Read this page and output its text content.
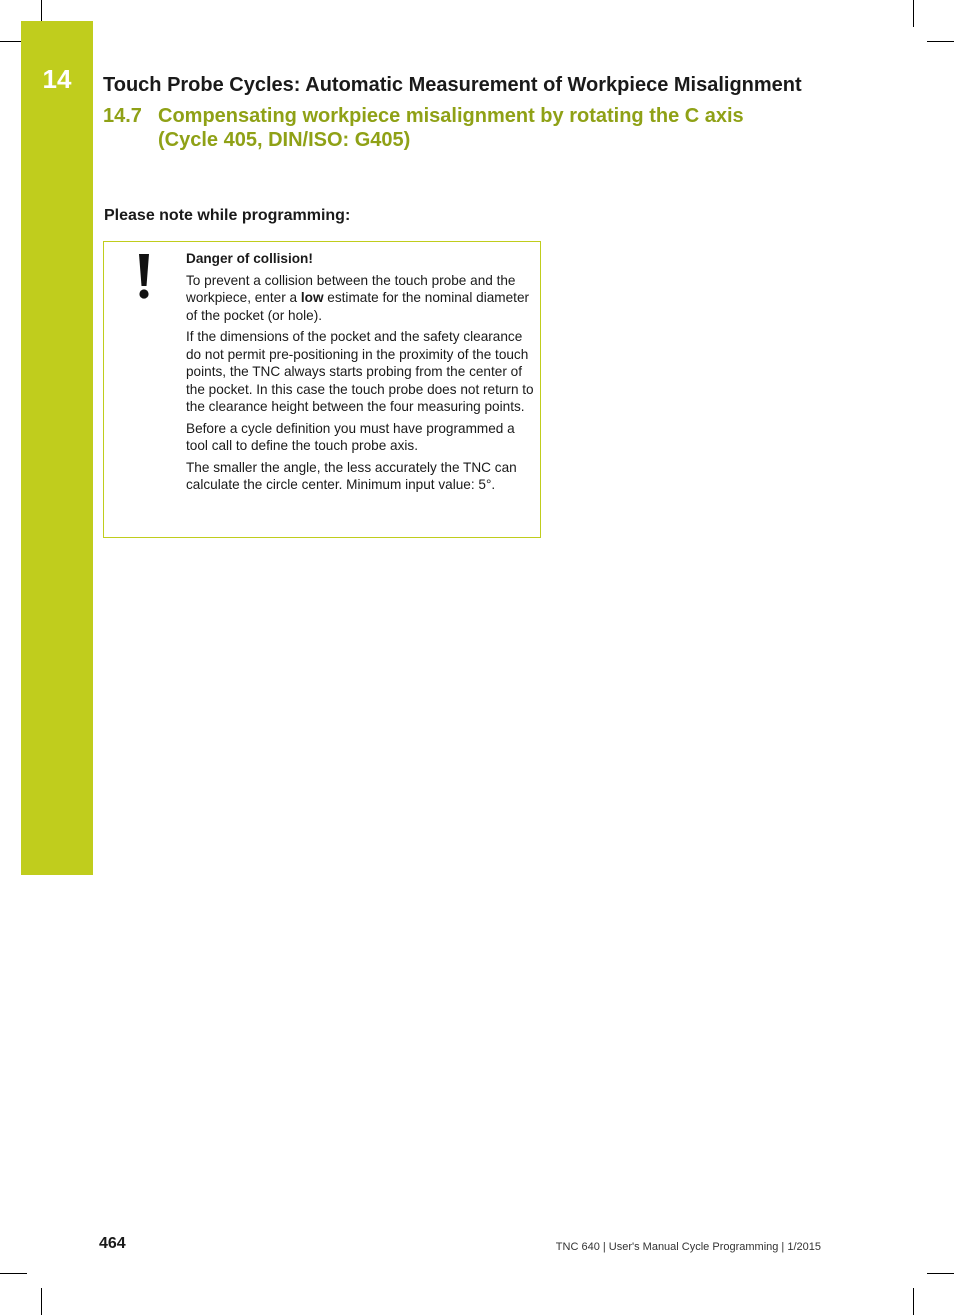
14	Touch Probe Cycles: Automatic Measurement of Workpiece Misalignment
14.7 Compensating workpiece misalignment by rotating the C axis
(Cycle 405, DIN/ISO: G405)
Please note while programming:

Danger of collision!

To prevent a collision between the touch probe and the workpiece, enter a low estimate for the nominal diameter of the pocket (or hole).

If the dimensions of the pocket and the safety clearance do not permit pre-positioning in the proximity of the touch points, the TNC always starts probing from the center of the pocket. In this case the touch probe does not return to the clearance height between the four measuring points.

Before a cycle definition you must have programmed a tool call to define the touch probe axis.

The smaller the angle, the less accurately the TNC can calculate the circle center. Minimum input value: 5°.

464	TNC 640 | User's Manual Cycle Programming | 1/2015
